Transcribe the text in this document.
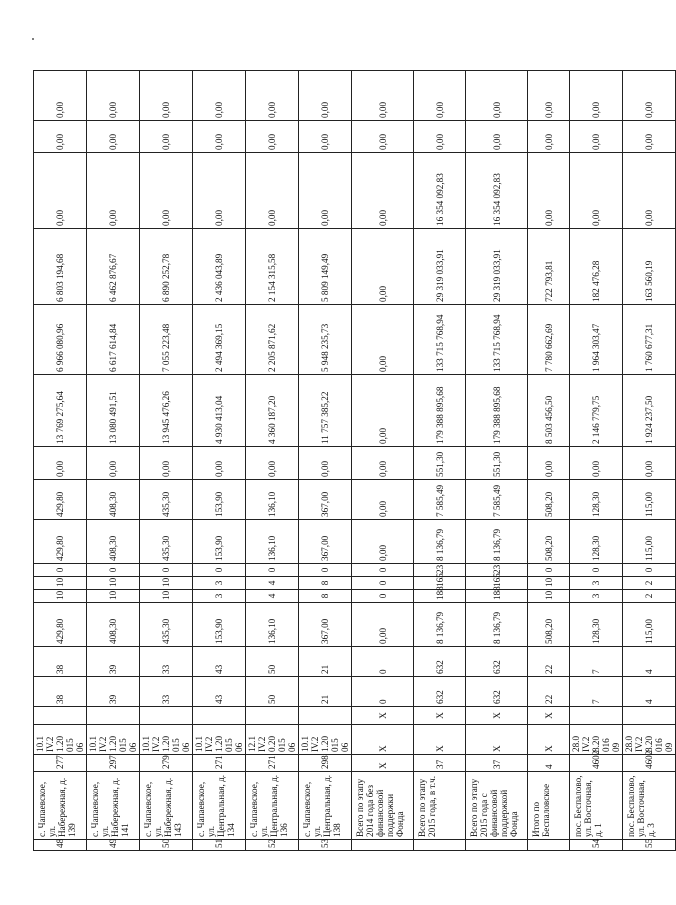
48	с. Чапаевское, ул. Набережная, д. 139	277	10.1 IV.2 1.20 015 06		38	38	429,80	10	10	0	429,80	429,80	0,00	13 769 275,64	6 966 080,96	6 803 194,68	0,00	0,00	0,00
49	с. Чапаевское, ул. Набережная, д. 141	297	10.1 IV.2 1.20 015 06		39	39	408,30	10	10	0	408,30	408,30	0,00	13 080 491,51	6 617 614,84	6 462 876,67	0,00	0,00	0,00
50	с. Чапаевское, ул. Набережная, д. 143	279	10.1 IV.2 1.20 015 06		33	33	435,30	10	10	0	435,30	435,30	0,00	13 945 476,26	7 055 223,48	6 890 252,78	0,00	0,00	0,00
51	с. Чапаевское, ул. Центральная, д. 134	271	10.1 IV.2 1.20 015 06		43	43	153,90	3	3	0	153,90	153,90	0,00	4 930 413,04	2 494 369,15	2 436 043,89	0,00	0,00	0,00
52	с. Чапаевское, ул. Центральная, д. 136	271	12.1 IV.2 0.20 015 06		50	50	136,10	4	4	0	136,10	136,10	0,00	4 360 187,20	2 205 871,62	2 154 315,58	0,00	0,00	0,00
53	с. Чапаевское, ул. Центральная, д. 138	298	10.1 IV.2 1.20 015 06		21	21	367,00	8	8	0	367,00	367,00	0,00	11 757 385,22	5 948 235,73	5 809 149,49	0,00	0,00	0,00
	Всего по этапу 2014 года без финансовой поддержки Фонда	X	X	X	0	0	0,00	0	0	0	0,00	0,00	0,00	0,00	0,00	0,00	0,00	0,00	0,00
	Всего по этапу 2015 года, в т.ч.	37	X	X	632	632	8 136,79	188	165	23	8 136,79	7 585,49	551,30	179 388 895,68	133 715 768,94	29 319 033,91	16 354 092,83	0,00	0,00
	Всего по этапу 2015 года с финансовой поддержкой Фонда	37	X	X	632	632	8 136,79	188	165	23	8 136,79	7 585,49	551,30	179 388 895,68	133 715 768,94	29 319 033,91	16 354 092,83	0,00	0,00
	Итого по Беспаловское	4	X	X	22	22	508,20	10	10	0	508,20	508,20	0,00	8 503 456,50	7 780 662,69	722 793,81	0,00	0,00	0,00
54	пос. Беспалово, ул. Восточная, д. 1	4602	28.0 IV.2 8.20 016 09		7	7	128,30	3	3	0	128,30	128,30	0,00	2 146 779,75	1 964 303,47	182 476,28	0,00	0,00	0,00
55	пос. Беспалово, ул. Восточная, д. 3	4602	28.0 IV.2 8.20 016 09		4	4	115,00	2	2	0	115,00	115,00	0,00	1 924 237,50	1 760 677,31	163 560,19	0,00	0,00	0,00
